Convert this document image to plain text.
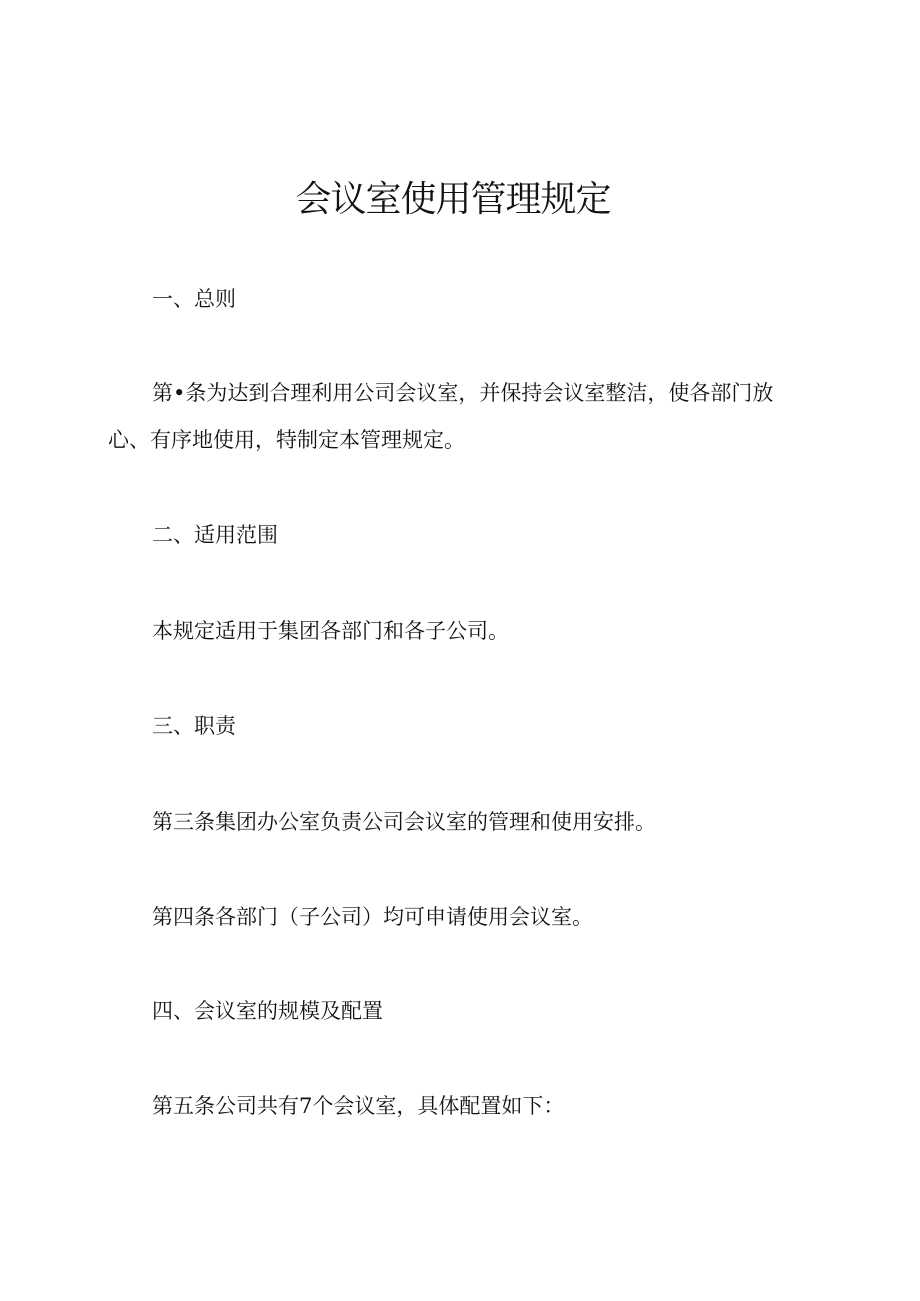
会议室使用管理规定

一、总则

第•条为达到合理利用公司会议室，并保持会议室整洁，使各部门放

心、有序地使用，特制定本管理规定。

二、适用范围

本规定适用于集团各部门和各子公司。

三、职责

第三条集团办公室负责公司会议室的管理和使用安排。

第四条各部门（子公司）均可申请使用会议室。

四、会议室的规模及配置

第五条公司共有7个会议室，具体配置如下：
